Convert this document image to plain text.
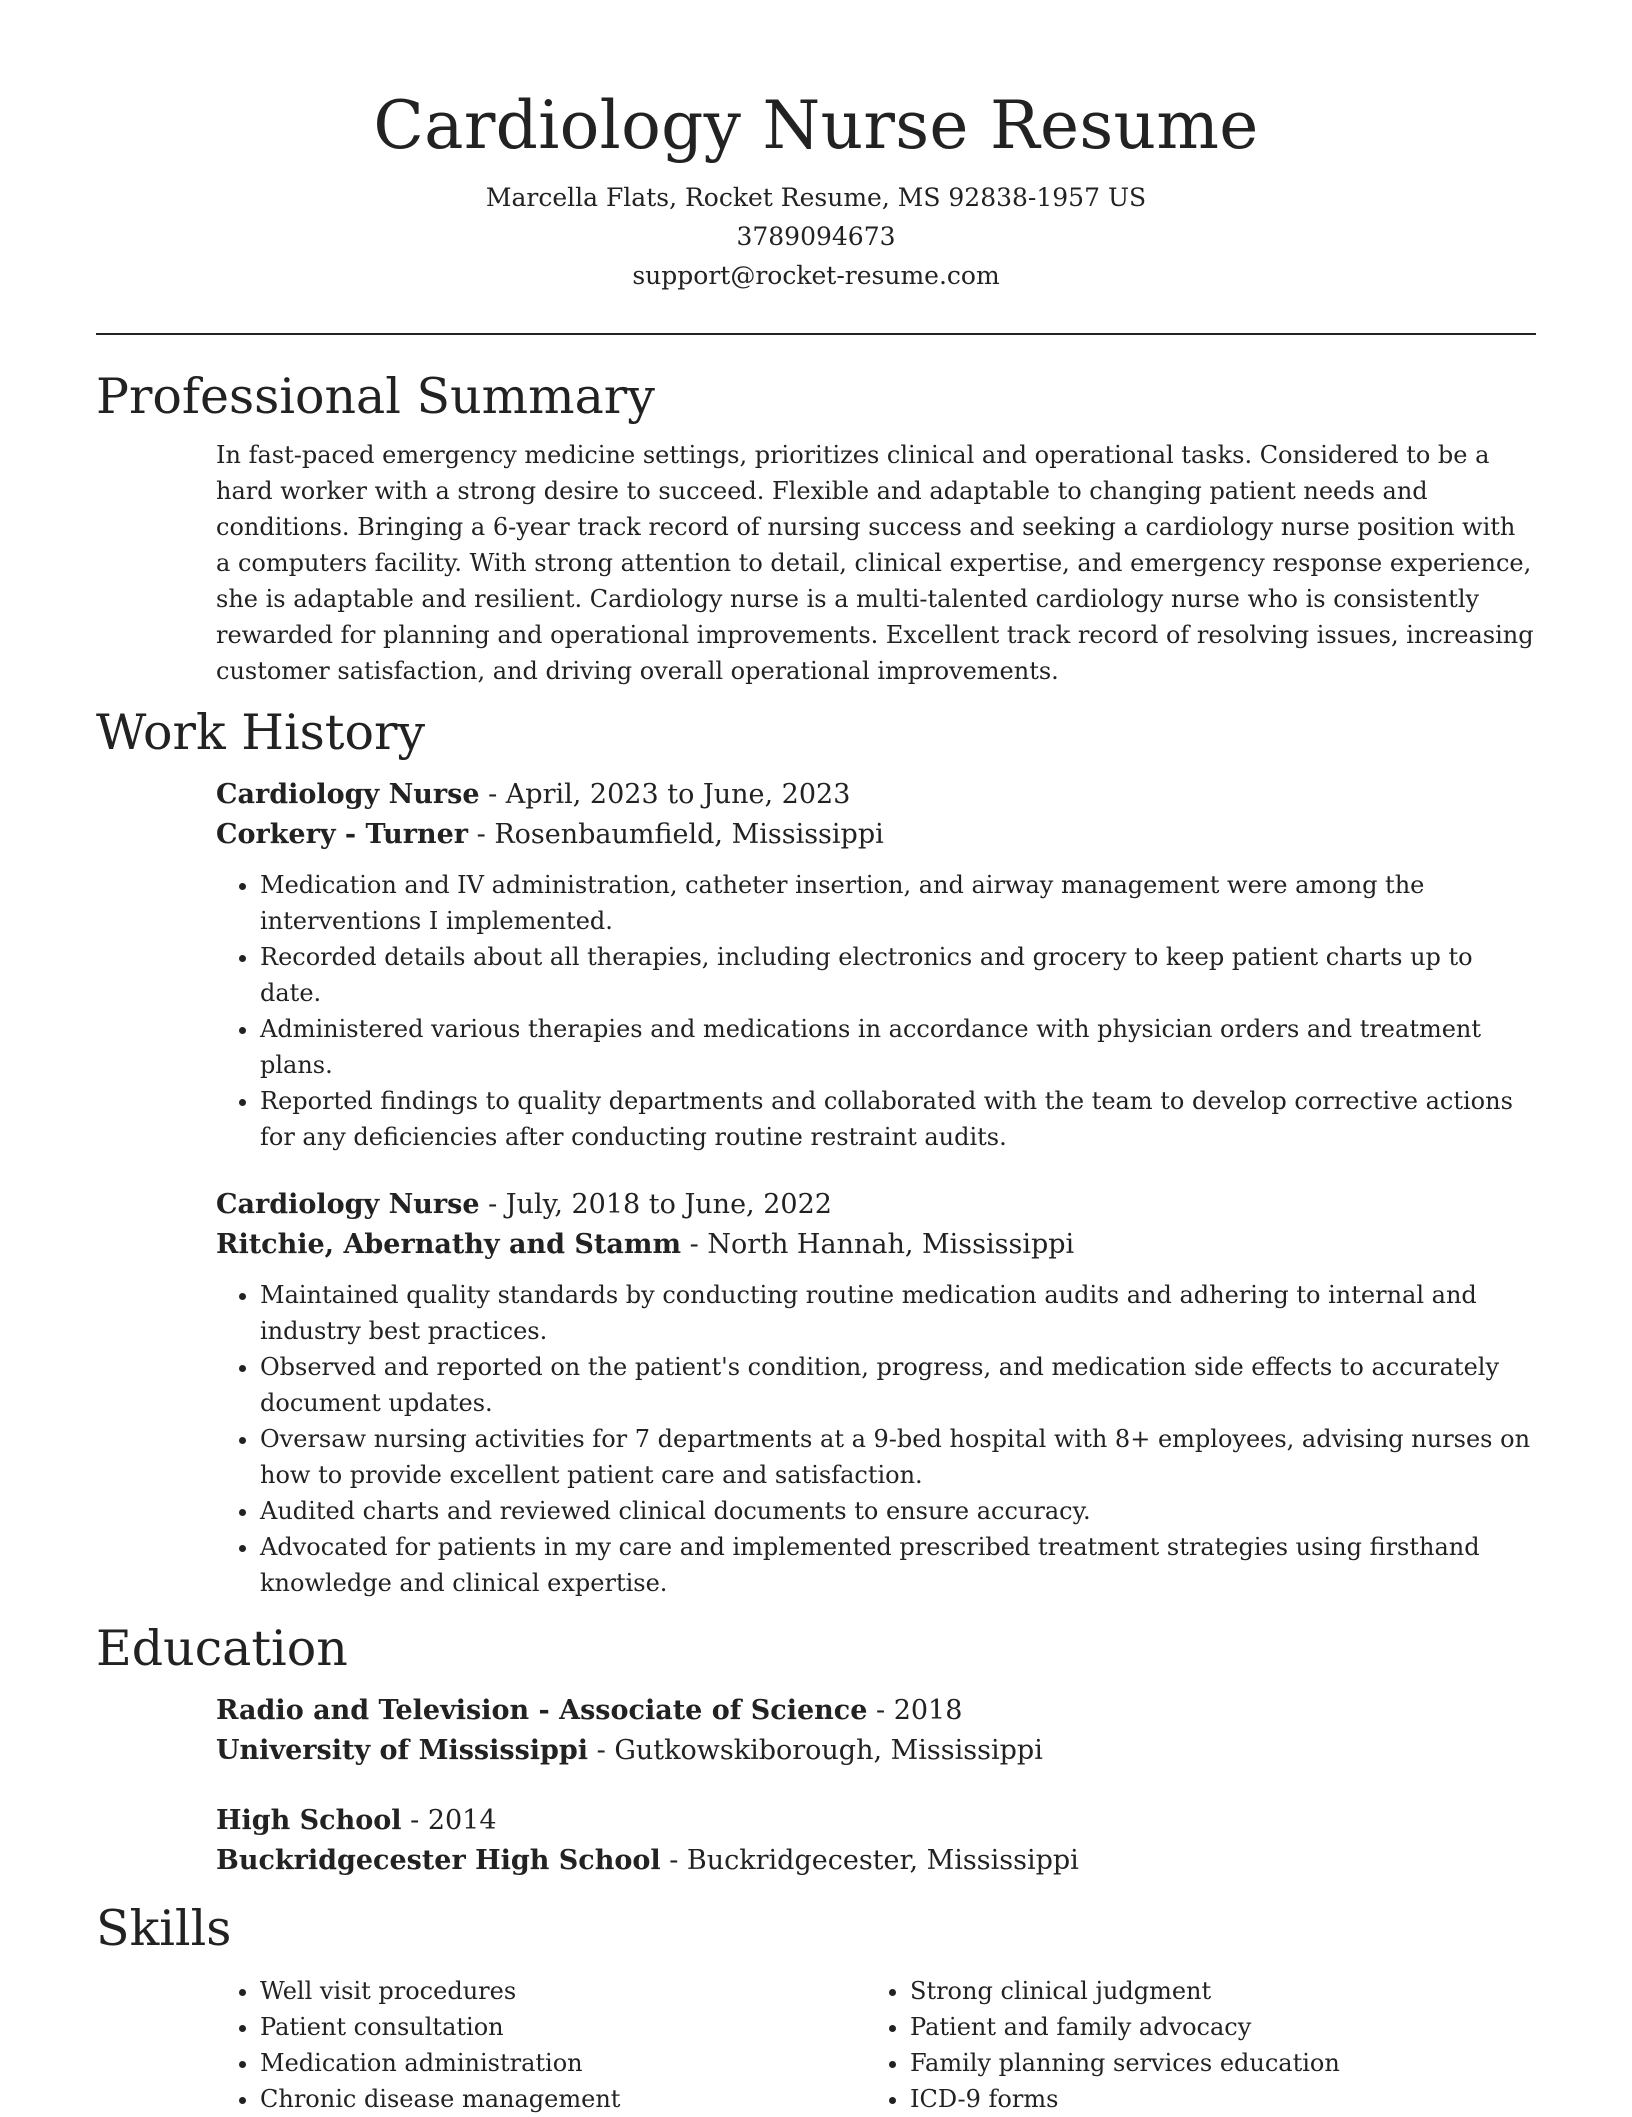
Cardiology Nurse Resume
Marcella Flats, Rocket Resume, MS 92838-1957 US
3789094673
support@rocket-resume.com
Professional Summary

In fast-paced emergency medicine settings, prioritizes clinical and operational tasks. Considered to be a hard worker with a strong desire to succeed. Flexible and adaptable to changing patient needs and conditions. Bringing a 6-year track record of nursing success and seeking a cardiology nurse position with a computers facility. With strong attention to detail, clinical expertise, and emergency response experience, she is adaptable and resilient. Cardiology nurse is a multi-talented cardiology nurse who is consistently rewarded for planning and operational improvements. Excellent track record of resolving issues, increasing customer satisfaction, and driving overall operational improvements.

Work History
Cardiology Nurse - April, 2023 to June, 2023
Corkery - Turner - Rosenbaumfield, Mississippi
• Medication and IV administration, catheter insertion, and airway management were among the interventions I implemented.
• Recorded details about all therapies, including electronics and grocery to keep patient charts up to date.
• Administered various therapies and medications in accordance with physician orders and treatment plans.
• Reported findings to quality departments and collaborated with the team to develop corrective actions for any deficiencies after conducting routine restraint audits.
Cardiology Nurse - July, 2018 to June, 2022
Ritchie, Abernathy and Stamm - North Hannah, Mississippi
• Maintained quality standards by conducting routine medication audits and adhering to internal and industry best practices.
• Observed and reported on the patient's condition, progress, and medication side effects to accurately document updates.
• Oversaw nursing activities for 7 departments at a 9-bed hospital with 8+ employees, advising nurses on how to provide excellent patient care and satisfaction.
• Audited charts and reviewed clinical documents to ensure accuracy.
• Advocated for patients in my care and implemented prescribed treatment strategies using firsthand knowledge and clinical expertise.
Education
Radio and Television - Associate of Science - 2018
University of Mississippi - Gutkowskiborough, Mississippi
High School - 2014
Buckridgecester High School - Buckridgecester, Mississippi
Skills
• Well visit procedures
• Patient consultation
• Medication administration
• Chronic disease management
• Strong clinical judgment
• Patient and family advocacy
• Family planning services education
• ICD-9 forms
